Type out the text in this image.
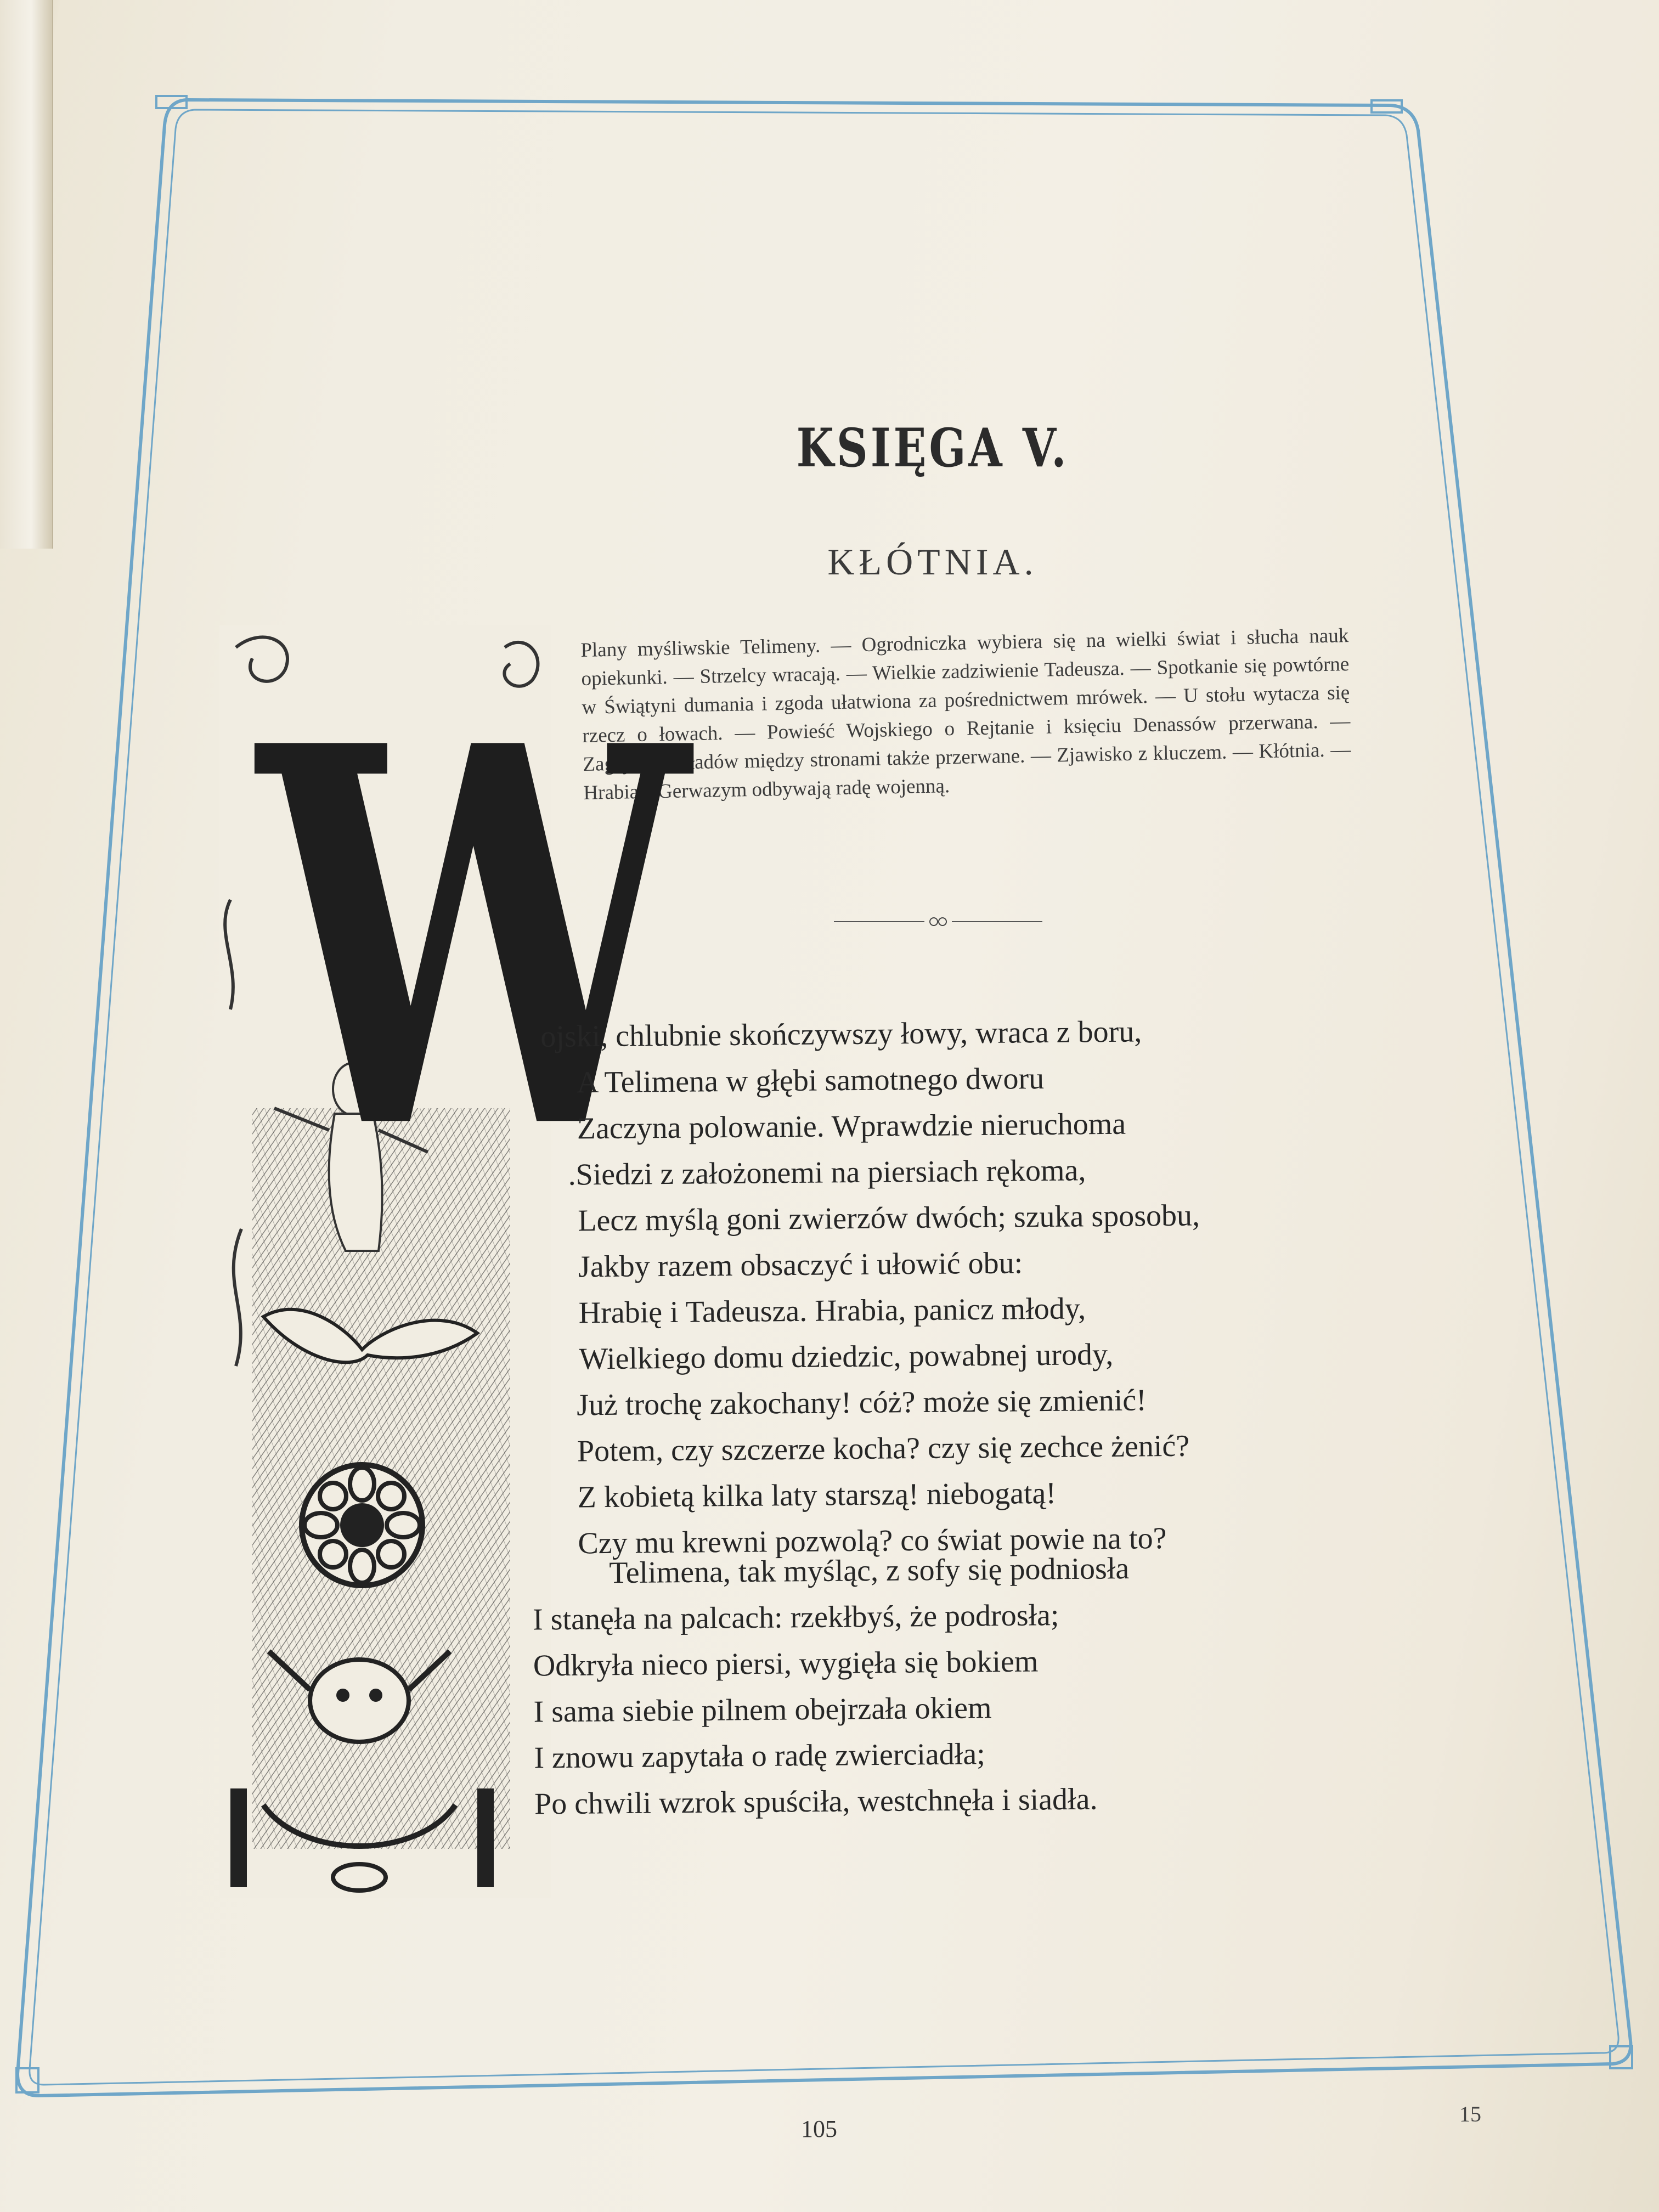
KSIĘGA V.
KŁÓTNIA.
Plany myśliwskie Telimeny. — Ogrodniczka wybiera się na wielki świat i słucha nauk opiekunki. — Strzelcy wracają. — Wielkie zadziwienie Tadeusza. — Spotkanie się powtórne w Świątyni dumania i zgoda ułatwiona za pośrednictwem mrówek. — U stołu wytacza się rzecz o łowach. — Powieść Wojskiego o Rejtanie i księciu Denassów przerwana. — Zagajenie układów między stronami także przerwane. — Zjawisko z kluczem. — Kłótnia. — Hrabia z Gerwazym odbywają radę wojenną.
W
ojski, chlubnie skończywszy łowy, wraca z boru,
A Telimena w głębi samotnego dworu
Zaczyna polowanie. Wprawdzie nieruchoma
.Siedzi z założonemi na piersiach rękoma,
Lecz myślą goni zwierzów dwóch; szuka sposobu,
Jakby razem obsaczyć i ułowić obu:
Hrabię i Tadeusza. Hrabia, panicz młody,
Wielkiego domu dziedzic, powabnej urody,
Już trochę zakochany! cóż? może się zmienić!
Potem, czy szczerze kocha? czy się zechce żenić?
Z kobietą kilka laty starszą! niebogatą!
Czy mu krewni pozwolą? co świat powie na to?
Telimena, tak myśląc, z sofy się podniosła
I stanęła na palcach: rzekłbyś, że podrosła;
Odkryła nieco piersi, wygięła się bokiem
I sama siebie pilnem obejrzała okiem
I znowu zapytała o radę zwierciadła;
Po chwili wzrok spuściła, westchnęła i siadła.
105
15
